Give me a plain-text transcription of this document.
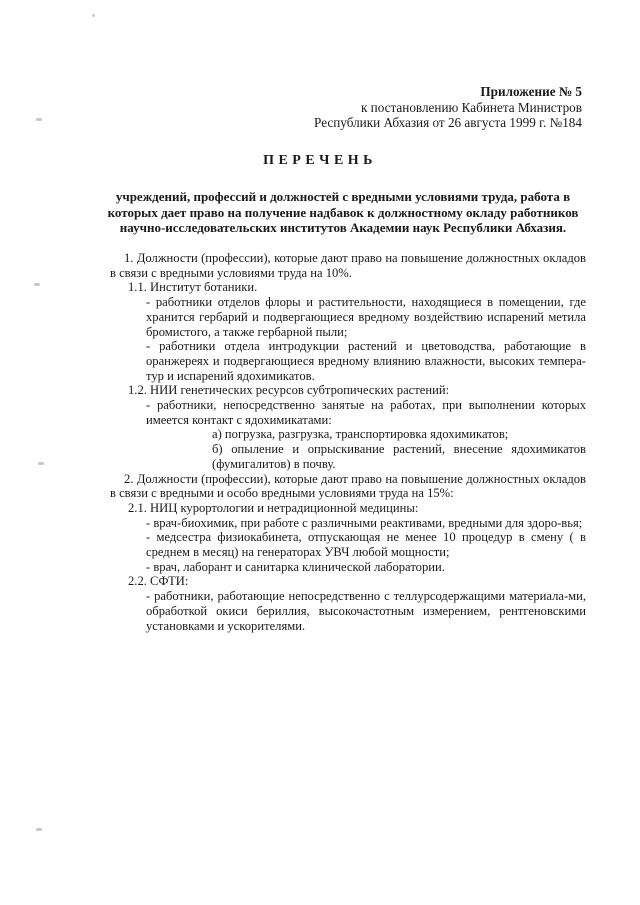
Приложение № 5
к постановлению Кабинета Министров
Республики Абхазия от 26 августа 1999 г. №184
ПЕРЕЧЕНЬ
учреждений, профессий и должностей с вредными условиями труда, работа в которых дает право на получение надбавок к должностному окладу работников научно-исследовательских институтов Академии наук Республики Абхазия.

1. Должности (профессии), которые дают право на повышение должностных окладов в связи с вредными условиями труда на 10%.

1.1. Институт ботаники.

- работники отделов флоры и растительности, находящиеся в помещении, где хранится гербарий и подвергающиеся вредному воздействию испарений метила бромистого, а также гербарной пыли;

- работники отдела интродукции растений и цветоводства, работающие в оранжереях и подвергающиеся вредному влиянию влажности, высоких темпера-тур и испарений ядохимикатов.

1.2. НИИ генетических ресурсов субтропических растений:

- работники, непосредственно занятые на работах, при выполнении которых имеется контакт с ядохимикатами:

а) погрузка, разгрузка, транспортировка ядохимикатов;

б) опыление и опрыскивание растений, внесение ядохимикатов (фумигалитов) в почву.

2. Должности (профессии), которые дают право на повышение должностных окладов в связи с вредными и особо вредными условиями труда на 15%:

2.1. НИЦ курортологии и нетрадиционной медицины:

- врач-биохимик, при работе с различными реактивами, вредными для здоро-вья;

- медсестра физиокабинета, отпускающая не менее 10 процедур в смену ( в среднем в месяц) на генераторах УВЧ любой мощности;

- врач, лаборант и санитарка клинической лаборатории.

2.2. СФТИ:

- работники, работающие непосредственно с теллурсодержащими материала-ми, обработкой окиси бериллия, высокочастотным измерением, рентгеновскими установками и ускорителями.
